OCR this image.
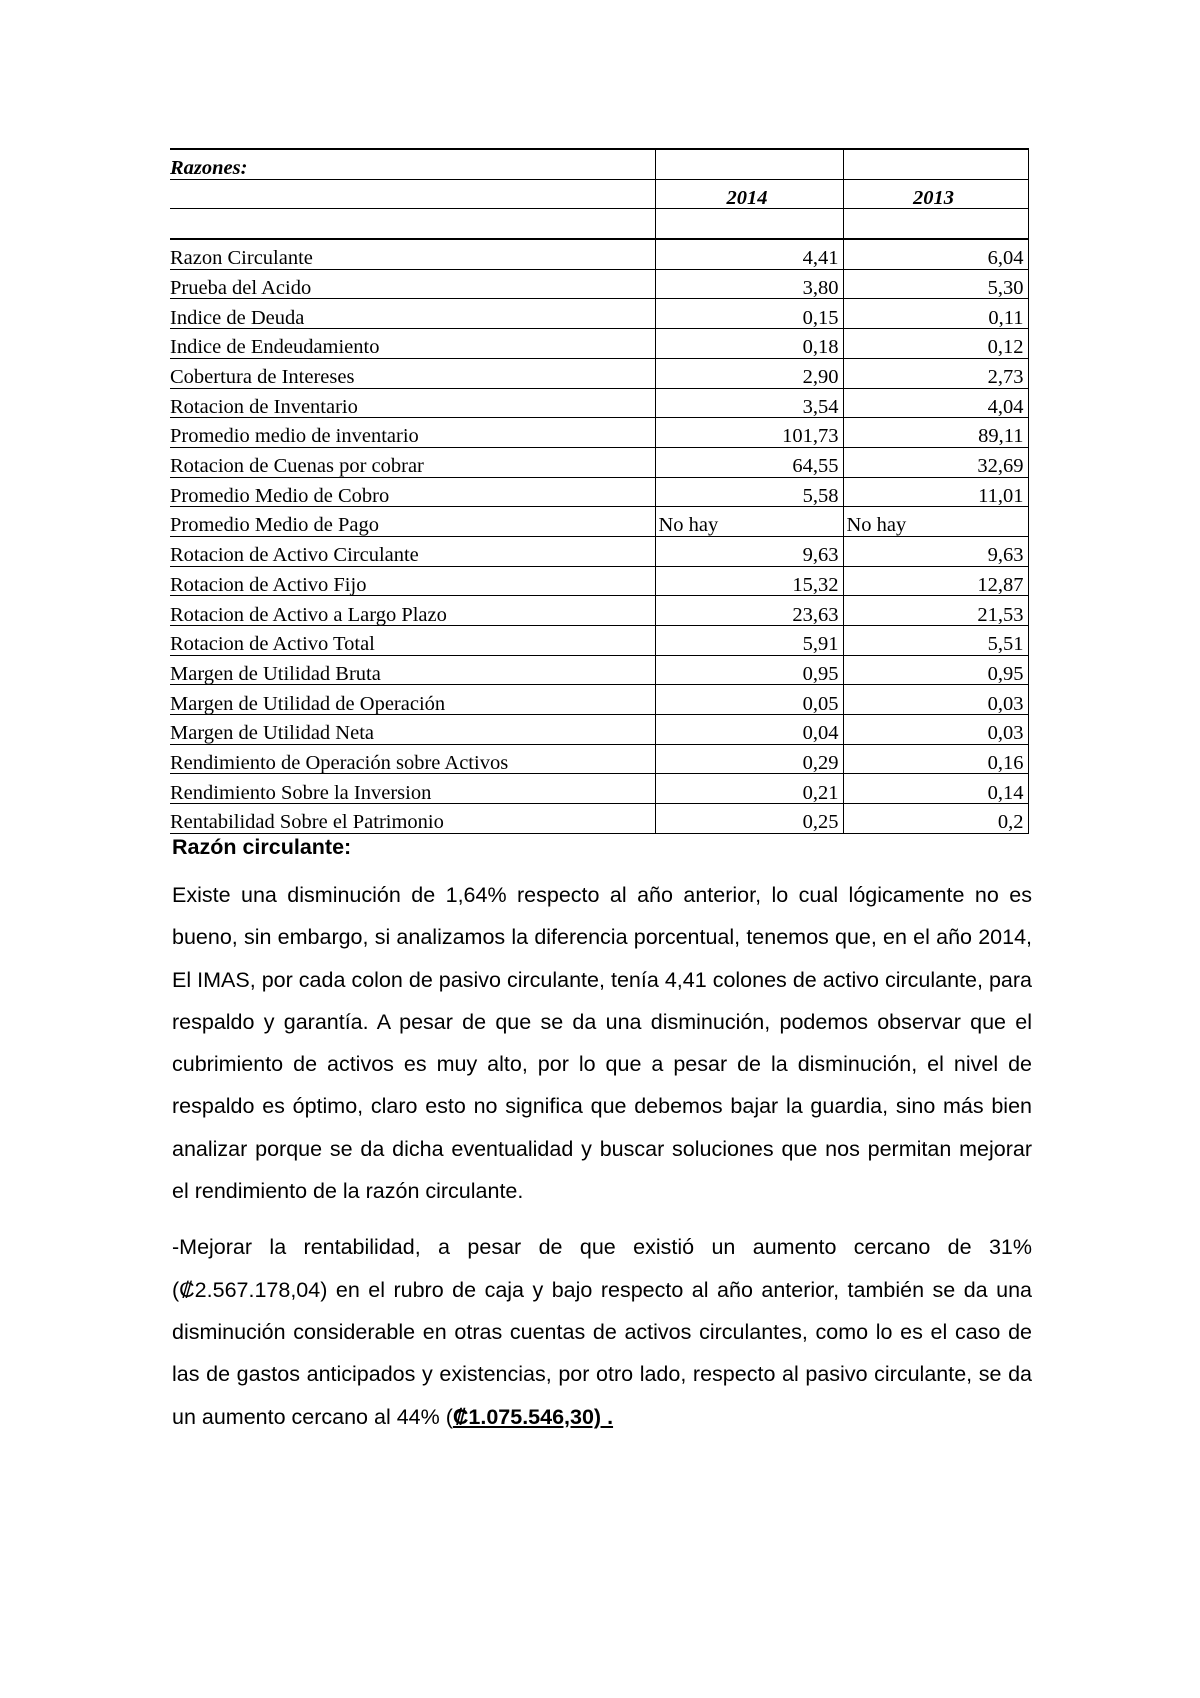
Razones:		
	2014	2013

Razon Circulante	4,41	6,04
Prueba del Acido	3,80	5,30
Indice de Deuda	0,15	0,11
Indice de Endeudamiento	0,18	0,12
Cobertura de Intereses	2,90	2,73
Rotacion de Inventario	3,54	4,04
Promedio medio de inventario	101,73	89,11
Rotacion de Cuenas por cobrar	64,55	32,69
Promedio Medio de Cobro	5,58	11,01
Promedio Medio de Pago	No hay	No hay
Rotacion de Activo Circulante	9,63	9,63
Rotacion de Activo Fijo	15,32	12,87
Rotacion de Activo a Largo Plazo	23,63	21,53
Rotacion de Activo Total	5,91	5,51
Margen de Utilidad Bruta	0,95	0,95
Margen de Utilidad de Operación	0,05	0,03
Margen de Utilidad Neta	0,04	0,03
Rendimiento de Operación sobre Activos	0,29	0,16
Rendimiento Sobre la Inversion	0,21	0,14
Rentabilidad Sobre el Patrimonio	0,25	0,2
Razón circulante:

Existe una disminución de 1,64% respecto al año anterior, lo cual lógicamente no es bueno, sin embargo, si analizamos la diferencia porcentual, tenemos que, en el año 2014, El IMAS, por cada colon de pasivo circulante, tenía 4,41 colones de activo circulante, para respaldo y garantía. A pesar de que se da una disminución, podemos observar que el cubrimiento de activos es muy alto, por lo que a pesar de la disminución, el nivel de respaldo es óptimo, claro esto no significa que debemos bajar la guardia, sino más bien analizar porque se da dicha eventualidad y buscar soluciones que nos permitan mejorar el rendimiento de la razón circulante.

-Mejorar la rentabilidad, a pesar de que existió un aumento cercano de 31% (₡2.567.178,04) en el rubro de caja y bajo respecto al año anterior, también se da una disminución considerable en otras cuentas de activos circulantes, como lo es el caso de las de gastos anticipados y existencias, por otro lado, respecto al pasivo circulante, se da un aumento cercano al 44% (₡1.075.546,30) .
